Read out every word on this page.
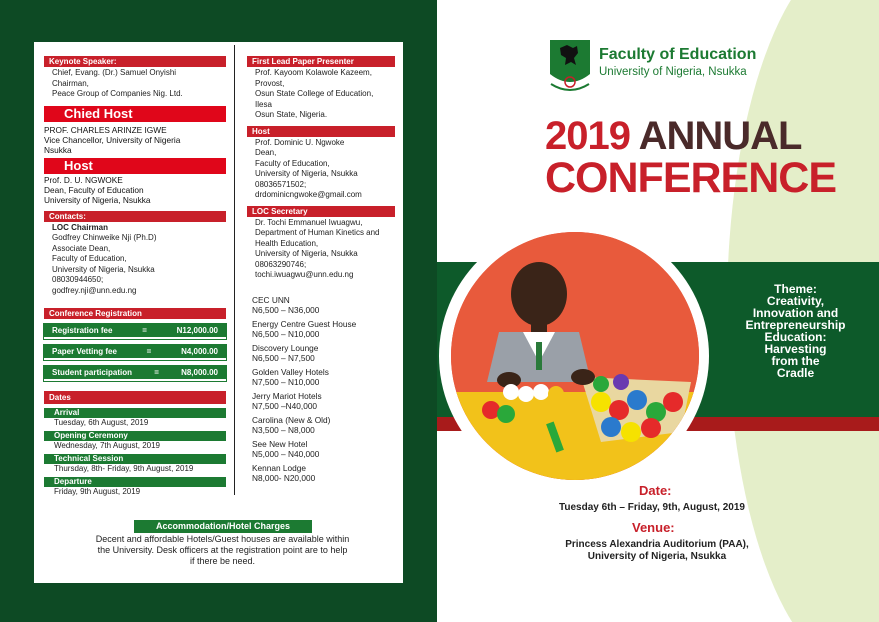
Keynote Speaker:

Chief, Evang. (Dr.) Samuel Onyishi

Chairman,

Peace Group of Companies Nig. Ltd.

Chied Host

PROF. CHARLES ARINZE IGWE

Vice Chancellor, University of Nigeria

Nsukka

Host

Prof. D. U. NGWOKE

Dean, Faculty of Education

University of Nigeria, Nsukka

Contacts:

LOC Chairman

Godfrey Chinweike Nji (Ph.D)

Associate Dean,

Faculty of Education,

University of Nigeria, Nsukka

08030944650;

godfrey.nji@unn.edu.ng

Conference Registration
Registration fee	=	N12,000.00
Paper Vetting fee	=	N4,000.00
Student participation	=	N8,000.00
Dates
Arrival
Tuesday, 6th August, 2019
Opening Ceremony
Wednesday, 7th August, 2019
Technical Session
Thursday, 8th- Friday, 9th August, 2019
Departure
Friday, 9th August, 2019
First Lead Paper Presenter

Prof. Kayoom Kolawole Kazeem,

Provost,

Osun State College of Education,

Ilesa

Osun State, Nigeria.

Host

Prof. Dominic U. Ngwoke

Dean,

Faculty of Education,

University of Nigeria, Nsukka

08036571502;

drdominicngwoke@gmail.com

LOC Secretary

Dr. Tochi Emmanuel Iwuagwu,

Department of Human Kinetics and

Health Education,

University of Nigeria, Nsukka

08063290746;

tochi.iwuagwu@unn.edu.ng

CEC UNN

N6,500 – N36,000

Energy Centre Guest House

N6,500 – N10,000

Discovery Lounge

N6,500 – N7,500

Golden Valley Hotels

N7,500 – N10,000

Jerry Mariot Hotels

N7,500 –N40,000

Carolina (New & Old)

N3,500 – N8,000

See New Hotel

N5,000 – N40,000

Kennan Lodge

N8,000- N20,000

Accommodation/Hotel Charges
Decent and affordable Hotels/Guest houses are available within the University. Desk officers at the registration point are to help if there be need.
Faculty of Education
University of Nigeria, Nsukka
2019 ANNUAL
CONFERENCE
Theme:
Creativity,
Innovation and
Entrepreneurship
Education:
Harvesting
from the
Cradle
Date:
Tuesday 6th – Friday, 9th, August, 2019
Venue:

Princess Alexandria Auditorium (PAA),

University of Nigeria, Nsukka
